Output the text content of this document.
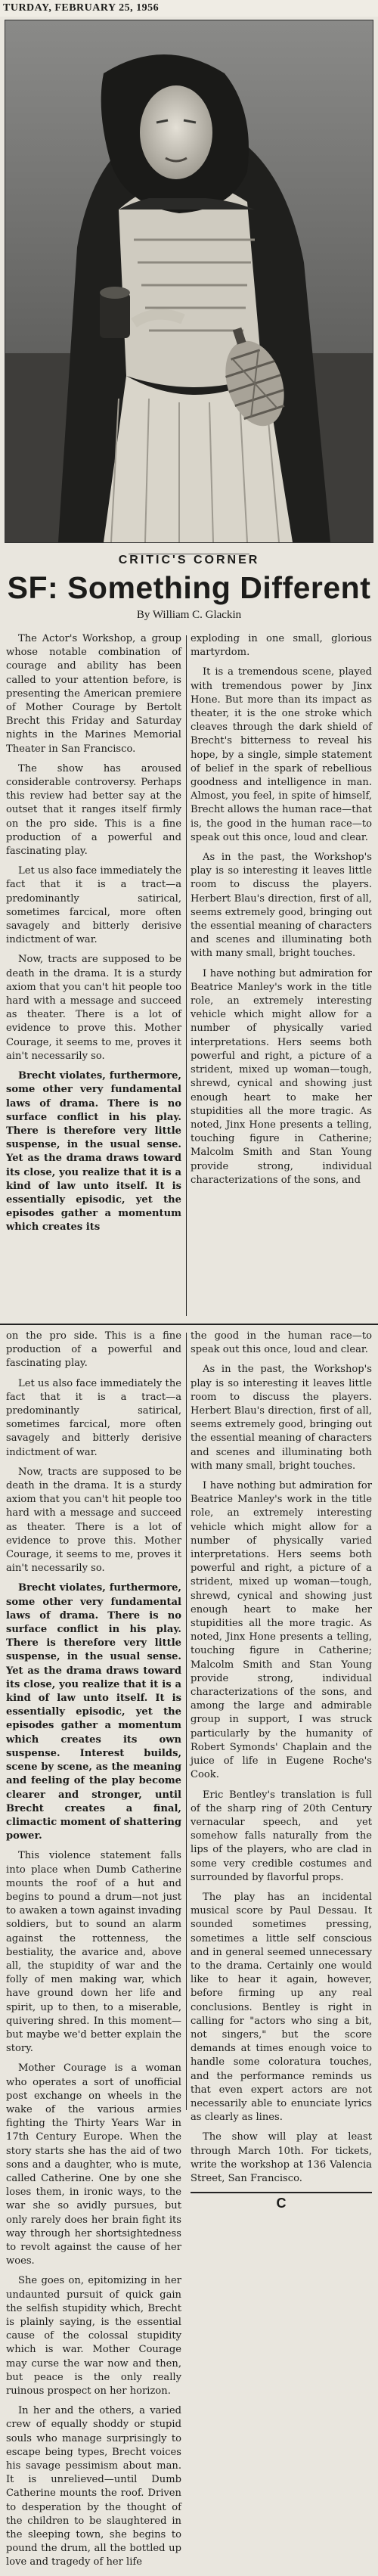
TURDAY, FEBRUARY 25, 1956
CRITIC'S CORNER
SF: Something Different
By William C. Glackin

The Actor's Workshop, a group whose notable combination of courage and ability has been called to your attention before, is presenting the American premiere of Mother Courage by Bertolt Brecht this Friday and Saturday nights in the Marines Memorial Theater in San Francisco.

The show has aroused considerable controversy. Perhaps this review had better say at the outset that it ranges itself firmly on the pro side. This is a fine production of a powerful and fascinating play.

Let us also face immediately the fact that it is a tract—a predominantly satirical, sometimes farcical, more often savagely and bitterly derisive indictment of war.

Now, tracts are supposed to be death in the drama. It is a sturdy axiom that you can't hit people too hard with a message and succeed as theater. There is a lot of evidence to prove this. Mother Courage, it seems to me, proves it ain't necessarily so.

Brecht violates, furthermore, some other very fundamental laws of drama. There is no surface conflict in his play. There is therefore very little suspense, in the usual sense. Yet as the drama draws toward its close, you realize that it is a kind of law unto itself. It is essentially episodic, yet the episodes gather a momentum which creates its

exploding in one small, glorious martyrdom.

It is a tremendous scene, played with tremendous power by Jinx Hone. But more than its impact as theater, it is the one stroke which cleaves through the dark shield of Brecht's bitterness to reveal his hope, by a single, simple statement of belief in the spark of rebellious goodness and intelligence in man. Almost, you feel, in spite of himself, Brecht allows the human race—that is, the good in the human race—to speak out this once, loud and clear.

As in the past, the Workshop's play is so interesting it leaves little room to discuss the players. Herbert Blau's direction, first of all, seems extremely good, bringing out the essential meaning of characters and scenes and illuminating both with many small, bright touches.

I have nothing but admiration for Beatrice Manley's work in the title role, an extremely interesting vehicle which might allow for a number of physically varied interpretations. Hers seems both powerful and right, a picture of a strident, mixed up woman—tough, shrewd, cynical and showing just enough heart to make her stupidities all the more tragic. As noted, Jinx Hone presents a telling, touching figure in Catherine; Malcolm Smith and Stan Young provide strong, individual characterizations of the sons, and

on the pro side. This is a fine production of a powerful and fascinating play.

Let us also face immediately the fact that it is a tract—a predominantly satirical, sometimes farcical, more often savagely and bitterly derisive indictment of war.

Now, tracts are supposed to be death in the drama. It is a sturdy axiom that you can't hit people too hard with a message and succeed as theater. There is a lot of evidence to prove this. Mother Courage, it seems to me, proves it ain't necessarily so.

Brecht violates, furthermore, some other very fundamental laws of drama. There is no surface conflict in his play. There is therefore very little suspense, in the usual sense. Yet as the drama draws toward its close, you realize that it is a kind of law unto itself. It is essentially episodic, yet the episodes gather a momentum which creates its own suspense. Interest builds, scene by scene, as the meaning and feeling of the play become clearer and stronger, until Brecht creates a final, climactic moment of shattering power.

This violence statement falls into place when Dumb Catherine mounts the roof of a hut and begins to pound a drum—not just to awaken a town against invading soldiers, but to sound an alarm against the rottenness, the bestiality, the avarice and, above all, the stupidity of war and the folly of men making war, which have ground down her life and spirit, up to then, to a miserable, quivering shred. In this moment—but maybe we'd better explain the story.

Mother Courage is a woman who operates a sort of unofficial post exchange on wheels in the wake of the various armies fighting the Thirty Years War in 17th Century Europe. When the story starts she has the aid of two sons and a daughter, who is mute, called Catherine. One by one she loses them, in ironic ways, to the war she so avidly pursues, but only rarely does her brain fight its way through her shortsightedness to revolt against the cause of her woes.

She goes on, epitomizing in her undaunted pursuit of quick gain the selfish stupidity which, Brecht is plainly saying, is the essential cause of the colossal stupidity which is war. Mother Courage may curse the war now and then, but peace is the only really ruinous prospect on her horizon.

In her and the others, a varied crew of equally shoddy or stupid souls who manage surprisingly to escape being types, Brecht voices his savage pessimism about man. It is unrelieved—until Dumb Catherine mounts the roof. Driven to desperation by the thought of the children to be slaughtered in the sleeping town, she begins to pound the drum, all the bottled up love and tragedy of her life

the good in the human race—to speak out this once, loud and clear.

As in the past, the Workshop's play is so interesting it leaves little room to discuss the players. Herbert Blau's direction, first of all, seems extremely good, bringing out the essential meaning of characters and scenes and illuminating both with many small, bright touches.

I have nothing but admiration for Beatrice Manley's work in the title role, an extremely interesting vehicle which might allow for a number of physically varied interpretations. Hers seems both powerful and right, a picture of a strident, mixed up woman—tough, shrewd, cynical and showing just enough heart to make her stupidities all the more tragic. As noted, Jinx Hone presents a telling, touching figure in Catherine; Malcolm Smith and Stan Young provide strong, individual characterizations of the sons, and among the large and admirable group in support, I was struck particularly by the humanity of Robert Symonds' Chaplain and the juice of life in Eugene Roche's Cook.

Eric Bentley's translation is full of the sharp ring of 20th Century vernacular speech, and yet somehow falls naturally from the lips of the players, who are clad in some very credible costumes and surrounded by flavorful props.

The play has an incidental musical score by Paul Dessau. It sounded sometimes pressing, sometimes a little self conscious and in general seemed unnecessary to the drama. Certainly one would like to hear it again, however, before firming up any real conclusions. Bentley is right in calling for "actors who sing a bit, not singers," but the score demands at times enough voice to handle some coloratura touches, and the performance reminds us that even expert actors are not necessarily able to enunciate lyrics as clearly as lines.

The show will play at least through March 10th. For tickets, write the workshop at 136 Valencia Street, San Francisco.

C
